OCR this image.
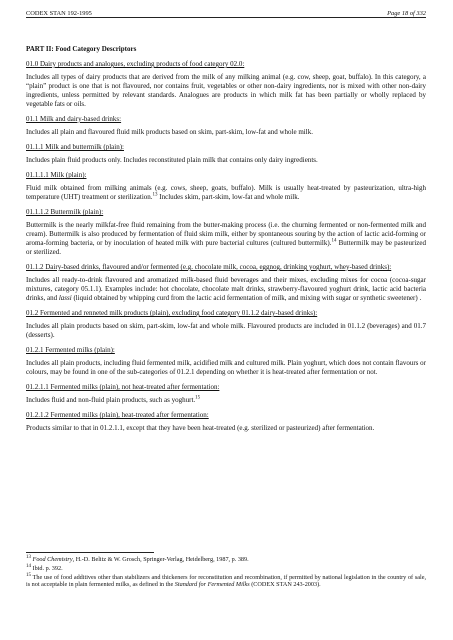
CODEX STAN 192-1995	Page 18 of 332
PART II: Food Category Descriptors
01.0 Dairy products and analogues, excluding products of food category 02.0:

Includes all types of dairy products that are derived from the milk of any milking animal (e.g. cow, sheep, goat, buffalo). In this category, a “plain” product is one that is not flavoured, nor contains fruit, vegetables or other non-dairy ingredients, nor is mixed with other non-dairy ingredients, unless permitted by relevant standards. Analogues are products in which milk fat has been partially or wholly replaced by vegetable fats or oils.

01.1 Milk and dairy-based drinks:

Includes all plain and flavoured fluid milk products based on skim, part-skim, low-fat and whole milk.

01.1.1 Milk and buttermilk (plain):

Includes plain fluid products only. Includes reconstituted plain milk that contains only dairy ingredients.

01.1.1.1 Milk (plain):

Fluid milk obtained from milking animals (e.g. cows, sheep, goats, buffalo). Milk is usually heat-treated by pasteurization, ultra-high temperature (UHT) treatment or sterilization.$^{13}$ Includes skim, part-skim, low-fat and whole milk.

01.1.1.2 Buttermilk (plain):

Buttermilk is the nearly milkfat-free fluid remaining from the butter-making process (i.e. the churning fermented or non-fermented milk and cream). Buttermilk is also produced by fermentation of fluid skim milk, either by spontaneous souring by the action of lactic acid-forming or aroma-forming bacteria, or by inoculation of heated milk with pure bacterial cultures (cultured buttermilk).$^{14}$ Buttermilk may be pasteurized or sterilized.

01.1.2 Dairy-based drinks, flavoured and/or fermented (e.g. chocolate milk, cocoa, eggnog, drinking yoghurt, whey-based drinks):

Includes all ready-to-drink flavoured and aromatized milk-based fluid beverages and their mixes, excluding mixes for cocoa (cocoa-sugar mixtures, category 05.1.1). Examples include: hot chocolate, chocolate malt drinks, strawberry-flavoured yoghurt drink, lactic acid bacteria drinks, and lassi (liquid obtained by whipping curd from the lactic acid fermentation of milk, and mixing with sugar or synthetic sweetener) .

01.2 Fermented and renneted milk products (plain), excluding food category 01.1.2 dairy-based drinks):

Includes all plain products based on skim, part-skim, low-fat and whole milk. Flavoured products are included in 01.1.2 (beverages) and 01.7 (desserts).

01.2.1 Fermented milks (plain):

Includes all plain products, including fluid fermented milk, acidified milk and cultured milk. Plain yoghurt, which does not contain flavours or colours, may be found in one of the sub-categories of 01.2.1 depending on whether it is heat-treated after fermentation or not.

01.2.1.1 Fermented milks (plain), not heat-treated after fermentation:

Includes fluid and non-fluid plain products, such as yoghurt.$^{15}$

01.2.1.2 Fermented milks (plain), heat-treated after fermentation:

Products similar to that in 01.2.1.1, except that they have been heat-treated (e.g. sterilized or pasteurized) after fermentation.

$^{13}$ Food Chemistry, H.-D. Belitz & W. Grosch, Springer-Verlag, Heidelberg, 1987, p. 389.
$^{14}$ Ibid. p. 392.
$^{15}$ The use of food additives other than stabilizers and thickeners for reconstitution and recombination, if permitted by national legislation in the country of sale, is not acceptable in plain fermented milks, as defined in the Standard for Fermented Milks (CODEX STAN 243-2003).
